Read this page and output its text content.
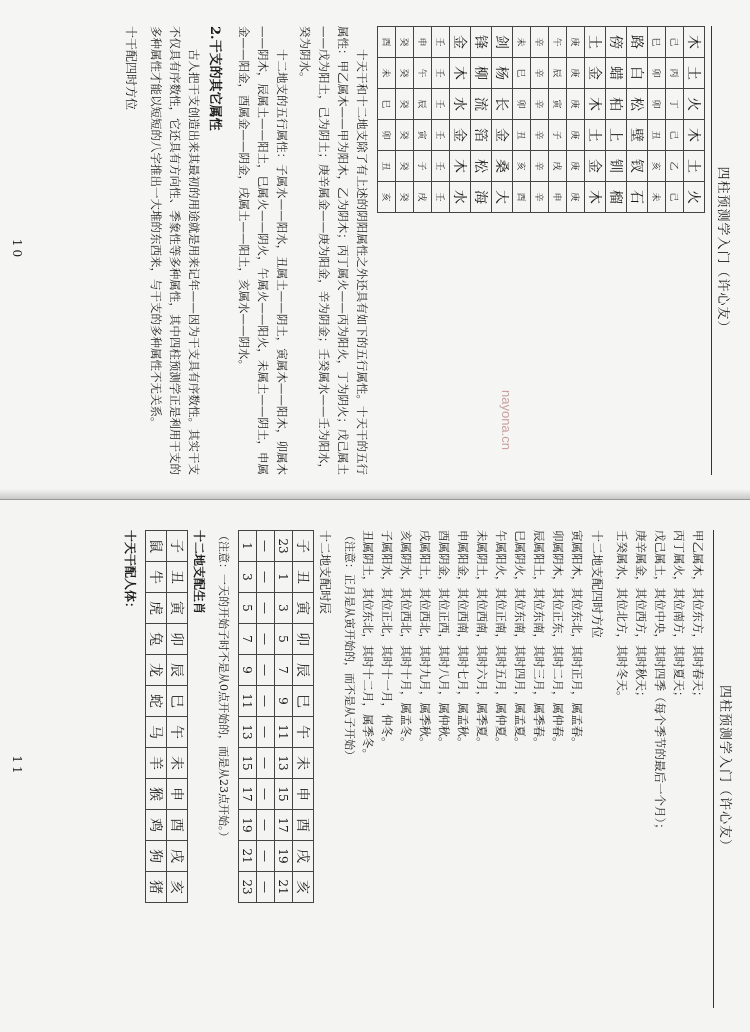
四柱预测学入门（许心友）
木	土	火	木	土	火
己	丙	丁	己	乙	己
巳	卯	卯	丑	亥	未
路	白	松	壁	钗	石
傍	蜡	柏	上	钏	榴
土	金	木	土	金	木
庚	庚	庚	庚	庚	庚
午	辰	寅	子	戌	申
辛	辛	辛	辛	辛	辛
未	巳	卯	丑	亥	酉
剑	杨	长	金	桑	大
锋	柳	流	箔	松	海
金	木	水	金	木	水
壬	壬	壬	壬	壬	壬
申	午	辰	寅	子	戌
癸	癸	癸	癸	癸	癸
酉	未	巳	卯	丑	亥

十天干和十二地支除了有上述的阴阳属性之外还具有如下的五行属性。十天干的五行属性：甲乙属木——甲为阳木，乙为阴木；丙丁属火——丙为阳火，丁为阴火；戊己属土——戊为阳土，己为阴土；庚辛属金——庚为阳金，辛为阴金；壬癸属水——壬为阳水，癸为阴水。

十二地支的五行属性：子属水——阳水，丑属土——阴土，寅属木——阳木，卯属木——阴木，辰属土——阳土，巳属火——阴火，午属火——阳火，未属土——阴土，申属金——阳金，酉属金——阴金，戌属土——阳土，亥属水——阴水。

2.干支的其它属性

古人把干支创造出来其最初的用途就是用来记年——因为干支具有序数性。其实干支不仅具有序数性，它还具有方向性、季象性等多种属性，其中四柱预测学正是利用干支的多种属性才能以短短的八字推出一大堆的东西来，与干支的多种属性不无关系。

十干配四时方位
10
nayona.cn
四柱预测学入门（许心友）
甲乙属木，其位东方，其时春天；
丙丁属火，其位南方，其时夏天；
戊己属土，其位中央，其时四季（每个季节的最后一个月）；
庚辛属金，其位西方，其时秋天；
壬癸属水，其位北方，其时冬天。
十二地支配四时方位
寅属阳木，其位东北，其时正月，属孟春。
卯属阴木，其位正东，其时二月，属仲春。
辰属阳土，其位东南，其时三月，属季春。
巳属阴火，其位东南，其时四月，属孟夏。
午属阳火，其位正南，其时五月，属仲夏。
未属阴土，其位西南，其时六月，属季夏。
申属阳金，其位西南，其时七月，属孟秋。
酉属阴金，其位正西，其时八月，属仲秋。
戌属阳土，其位西北，其时九月，属季秋。
亥属阴水，其位西北，其时十月，属孟冬。
子属阳水，其位正北，其时十一月，仲冬。
丑属阴土，其位东北，其时十二月，属季冬。
（注意：正月是从寅开始的，而不是从子开始）
十二地支配时辰
子	丑	寅	卯	辰	巳	午	未	申	酉	戌	亥
23	1	3	5	7	9	11	13	15	17	19	21
—	—	—	—	—	—	—	—	—	—	—	—
1	3	5	7	9	11	13	15	17	19	21	23
（注意：一天的开始子时不是从0点开始的，而是从23点开始。）
十二地支配生肖
子	丑	寅	卯	辰	巳	午	未	申	酉	戌	亥
鼠	牛	虎	兔	龙	蛇	马	羊	猴	鸡	狗	猪
十天干配人体：
11
